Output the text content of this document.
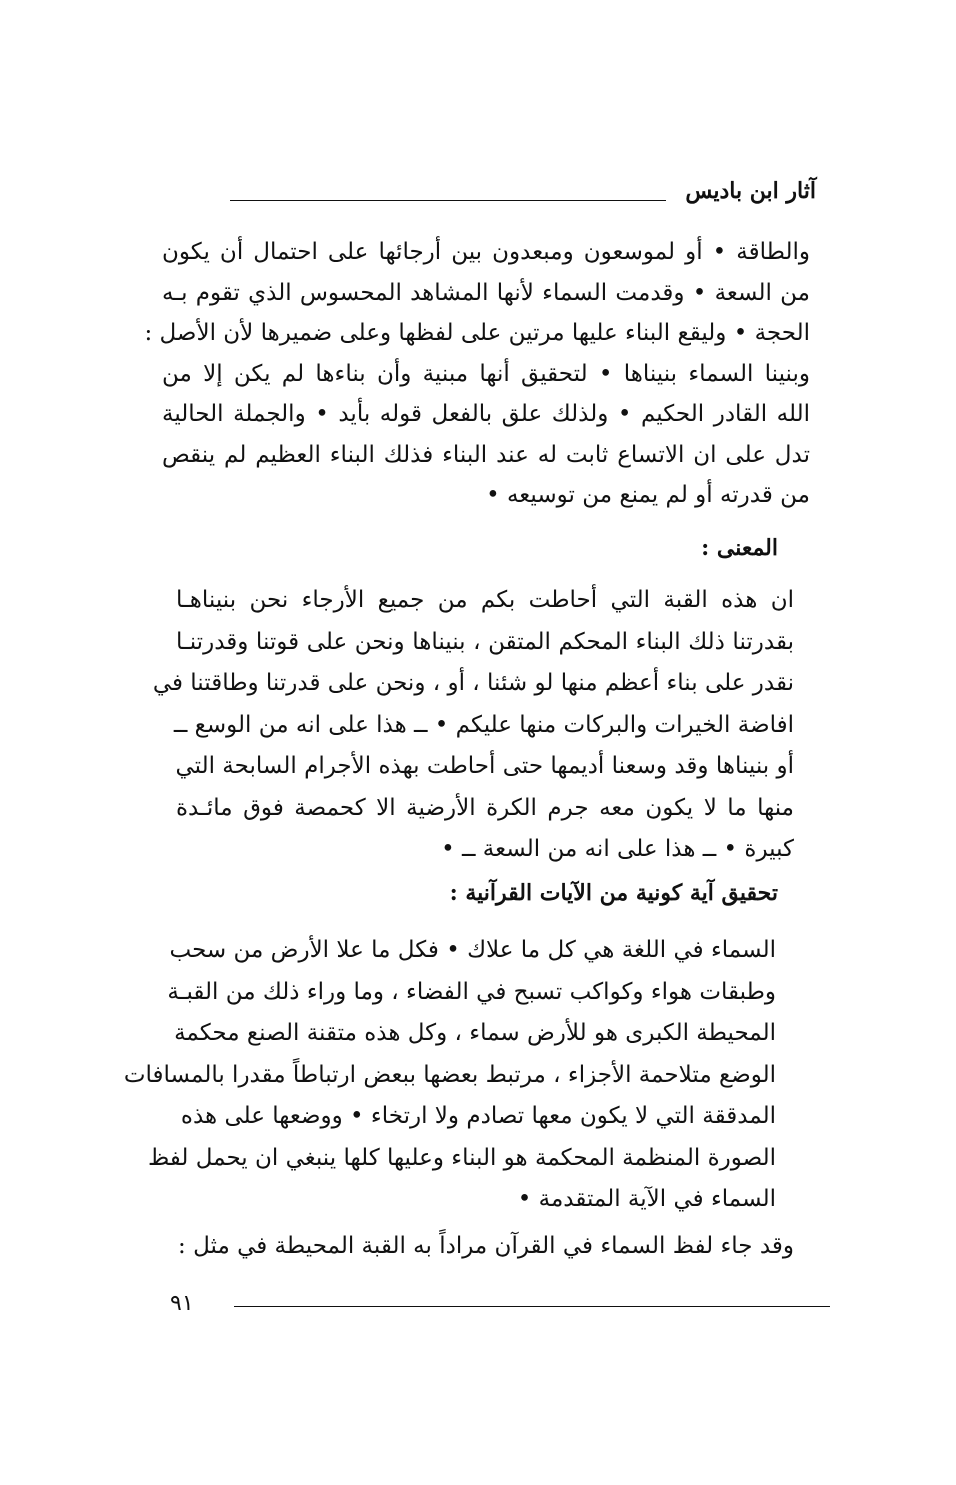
آثار ابن باديس
والطاقة • أو لموسعون ومبعدون بين أرجائها على احتمال أن يكون
من السعة • وقدمت السماء لأنها المشاهد المحسوس الذي تقوم بـه
الحجة • وليقع البناء عليها مرتين على لفظها وعلى ضميرها لأن الأصل :
وبنينا السماء بنيناها • لتحقيق أنها مبنية وأن بناءها لم يكن إلا من
الله القادر الحكيم • ولذلك علق بالفعل قوله بأيد • والجملة الحالية
تدل على ان الاتساع ثابت له عند البناء فذلك البناء العظيم لم ينقص
من قدرته أو لم يمنع من توسيعه •
المعنى :
ان هذه القبة التي أحاطت بكم من جميع الأرجاء نحن بنيناهـا
بقدرتنا ذلك البناء المحكم المتقن ، بنيناها ونحن على قوتنا وقدرتنـا
نقدر على بناء أعظم منها لو شئنا ، أو ، ونحن على قدرتنا وطاقتنا في
افاضة الخيرات والبركات منها عليكم • ــ هذا على انه من الوسع ــ
أو بنيناها وقد وسعنا أديمها حتى أحاطت بهذه الأجرام السابحة التي
منها ما لا يكون معه جرم الكرة الأرضية الا كحمصة فوق مائـدة
كبيرة • ــ هذا على انه من السعة ــ •
تحقيق آية كونية من الآيات القرآنية :
السماء في اللغة هي كل ما علاك • فكل ما علا الأرض من سحب
وطبقات هواء وكواكب تسبح في الفضاء ، وما وراء ذلك من القبـة
المحيطة الكبرى هو للأرض سماء ، وكل هذه متقنة الصنع محكمة
الوضع متلاحمة الأجزاء ، مرتبط بعضها ببعض ارتباطاً مقدرا بالمسافات
المدققة التي لا يكون معها تصادم ولا ارتخاء • ووضعها على هذه
الصورة المنظمة المحكمة هو البناء وعليها كلها ينبغي ان يحمل لفظ
السماء في الآية المتقدمة •
وقد جاء لفظ السماء في القرآن مراداً به القبة المحيطة في مثل :
٩١
